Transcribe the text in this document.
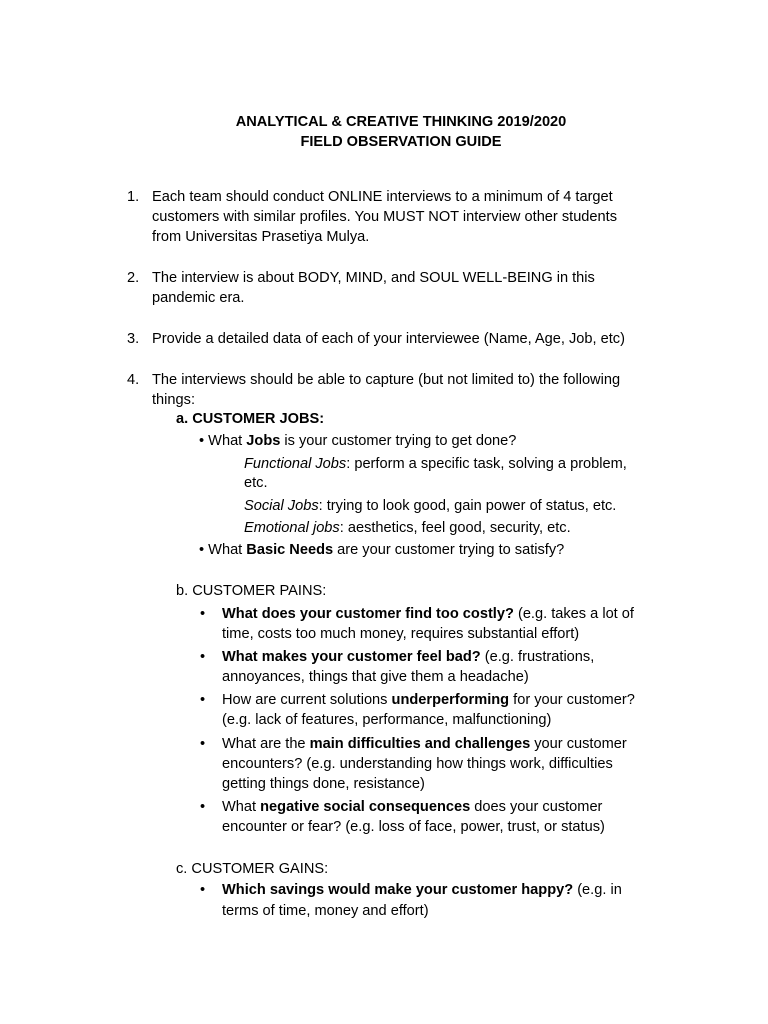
ANALYTICAL & CREATIVE THINKING 2019/2020
FIELD OBSERVATION GUIDE
1. Each team should conduct ONLINE interviews to a minimum of 4 target
customers with similar profiles. You MUST NOT interview other students
from Universitas Prasetiya Mulya.
2. The interview is about BODY, MIND, and SOUL WELL-BEING in this
pandemic era.
3. Provide a detailed data of each of your interviewee (Name, Age, Job, etc)
4. The interviews should be able to capture (but not limited to) the following
things:
a. CUSTOMER JOBS:
• What Jobs is your customer trying to get done?
Functional Jobs: perform a specific task, solving a problem,
etc.
Social Jobs: trying to look good, gain power of status, etc.
Emotional jobs: aesthetics, feel good, security, etc.
• What Basic Needs are your customer trying to satisfy?
b. CUSTOMER PAINS:
• What does your customer find too costly? (e.g. takes a lot of
time, costs too much money, requires substantial effort)
• What makes your customer feel bad? (e.g. frustrations,
annoyances, things that give them a headache)
• How are current solutions underperforming for your customer?
(e.g. lack of features, performance, malfunctioning)
• What are the main difficulties and challenges your customer
encounters? (e.g. understanding how things work, difficulties
getting things done, resistance)
• What negative social consequences does your customer
encounter or fear? (e.g. loss of face, power, trust, or status)
c. CUSTOMER GAINS:
• Which savings would make your customer happy? (e.g. in
terms of time, money and effort)
